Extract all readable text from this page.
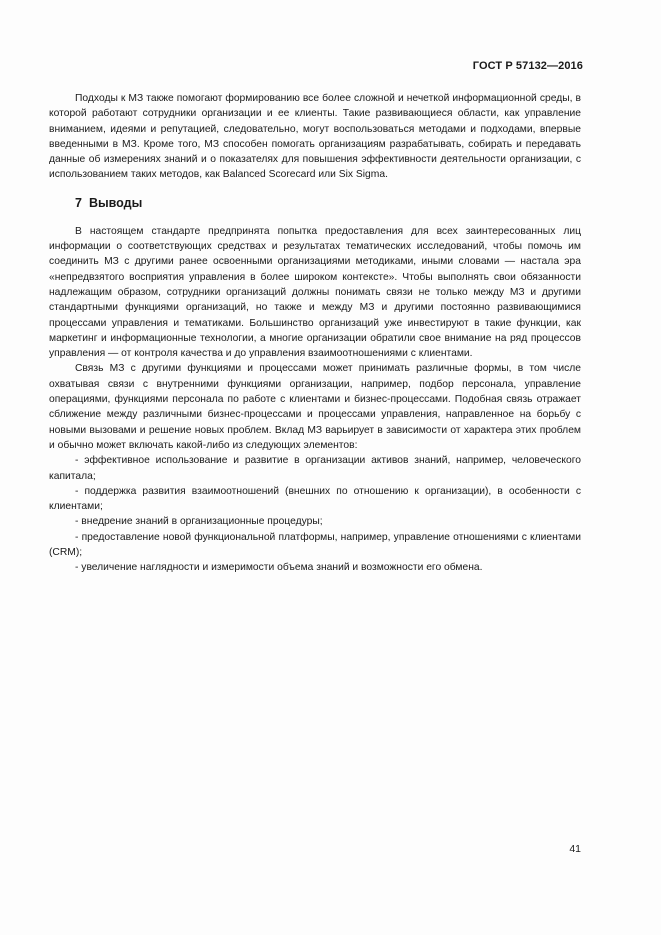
ГОСТ Р 57132—2016

Подходы к МЗ также помогают формированию все более сложной и нечеткой информационной среды, в которой работают сотрудники организации и ее клиенты. Такие развивающиеся области, как управление вниманием, идеями и репутацией, следовательно, могут воспользоваться методами и подходами, впервые введенными в МЗ. Кроме того, МЗ способен помогать организациям разрабатывать, собирать и передавать данные об измерениях знаний и о показателях для повышения эффективности деятельности организации, с использованием таких методов, как Balanced Scorecard или Six Sigma.

7 Выводы

В настоящем стандарте предпринята попытка предоставления для всех заинтересованных лиц информации о соответствующих средствах и результатах тематических исследований, чтобы помочь им соединить МЗ с другими ранее освоенными организациями методиками, иными словами — настала эра «непредвзятого восприятия управления в более широком контексте». Чтобы выполнять свои обязанности надлежащим образом, сотрудники организаций должны понимать связи не только между МЗ и другими стандартными функциями организаций, но также и между МЗ и другими постоянно развивающимися процессами управления и тематиками. Большинство организаций уже инвестируют в такие функции, как маркетинг и информационные технологии, а многие организации обратили свое внимание на ряд процессов управления — от контроля качества и до управления взаимоотношениями с клиентами.

Связь МЗ с другими функциями и процессами может принимать различные формы, в том числе охватывая связи с внутренними функциями организации, например, подбор персонала, управление операциями, функциями персонала по работе с клиентами и бизнес-процессами. Подобная связь отражает сближение между различными бизнес-процессами и процессами управления, направленное на борьбу с новыми вызовами и решение новых проблем. Вклад МЗ варьирует в зависимости от характера этих проблем и обычно может включать какой-либо из следующих элементов:

- эффективное использование и развитие в организации активов знаний, например, человеческого капитала;

- поддержка развития взаимоотношений (внешних по отношению к организации), в особенности с клиентами;

- внедрение знаний в организационные процедуры;

- предоставление новой функциональной платформы, например, управление отношениями с клиентами (CRM);

- увеличение наглядности и измеримости объема знаний и возможности его обмена.

41
